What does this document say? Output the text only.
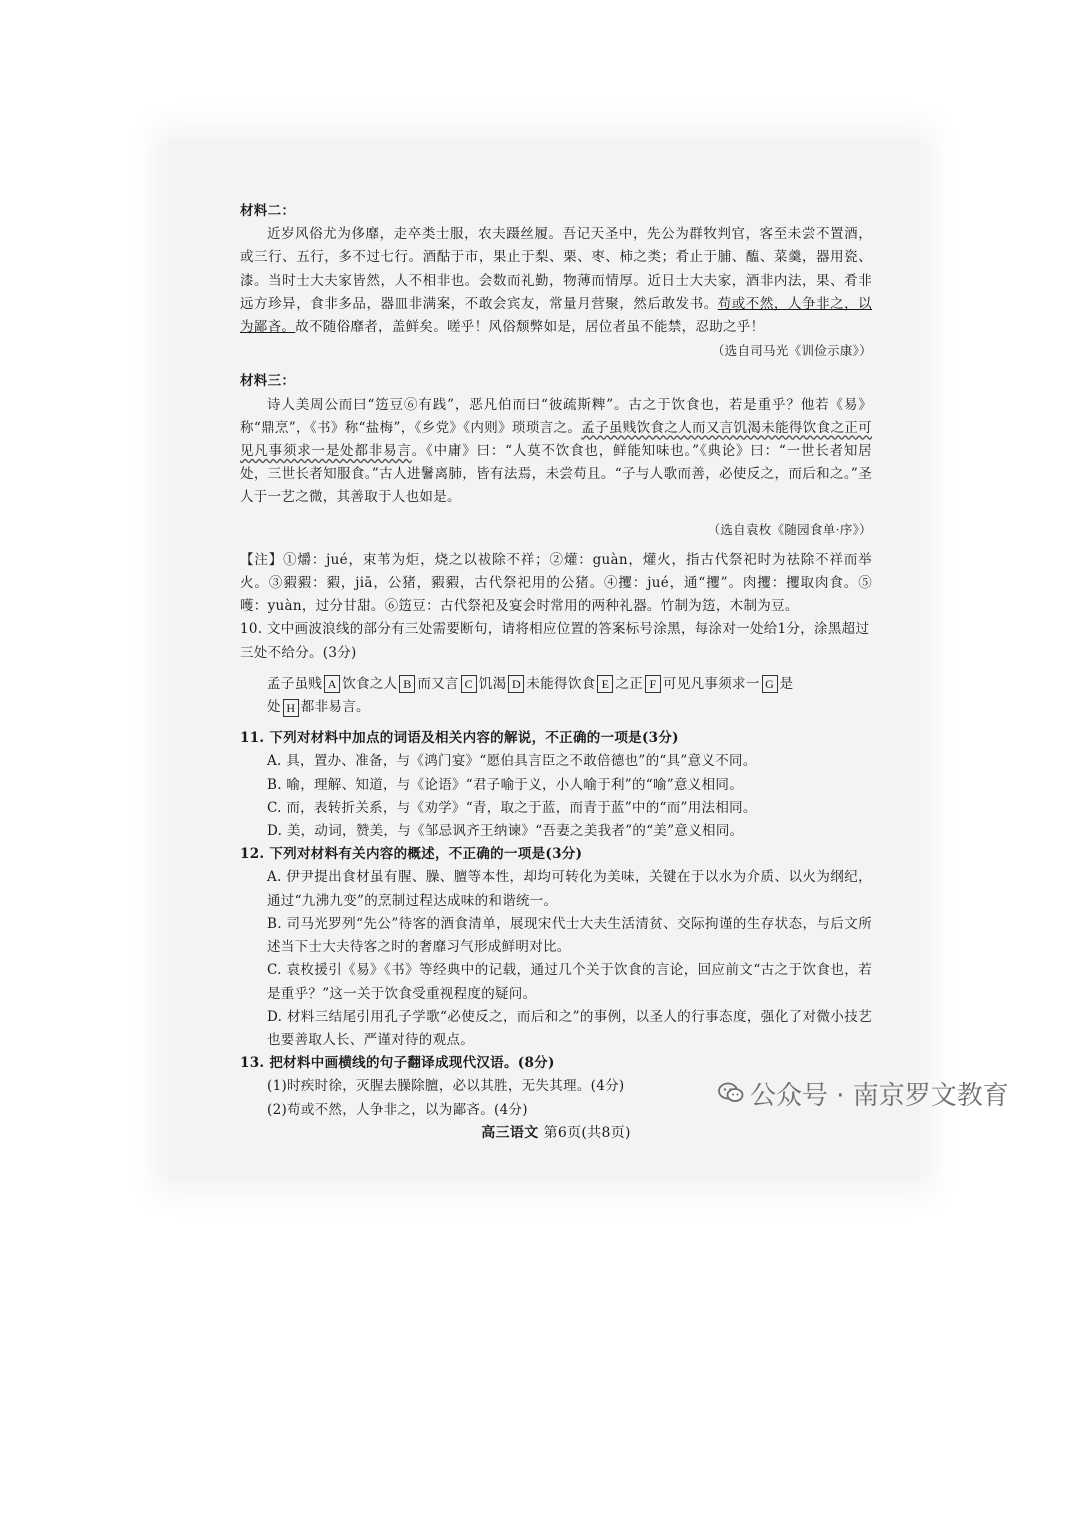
材料二：

近岁风俗尤为侈靡，走卒类士服，农夫蹑丝履。吾记天圣中，先公为群牧判官，客至未尝不置酒，或三行、五行，多不过七行。酒酤于市，果止于梨、栗、枣、柿之类；肴止于脯、醢、菜羹，器用瓷、漆。当时士大夫家皆然，人不相非也。会数而礼勤，物薄而情厚。近日士大夫家，酒非内法，果、肴非远方珍异，食非多品，器皿非满案，不敢会宾友，常量月营聚，然后敢发书。苟或不然，人争非之，以为鄙吝。故不随俗靡者，盖鲜矣。嗟乎！风俗颓弊如是，居位者虽不能禁，忍助之乎！

（选自司马光《训俭示康》）

材料三：

诗人美周公而曰“笾豆⑥有践”，恶凡伯而曰“彼疏斯粺”。古之于饮食也，若是重乎？他若《易》称“鼎烹”，《书》称“盐梅”，《乡党》《内则》琐琐言之。孟子虽贱饮食之人而又言饥渴未能得饮食之正可见凡事须求一是处都非易言。《中庸》曰：“人莫不饮食也，鲜能知味也。”《典论》曰：“一世长者知居处，三世长者知服食。”古人进鬐离肺，皆有法焉，未尝苟且。“子与人歌而善，必使反之，而后和之。”圣人于一艺之微，其善取于人也如是。

（选自袁枚《随园食单·序》）

【注】①爝：jué，束苇为炬，烧之以祓除不祥；②爟：guàn，爟火，指古代祭祀时为祛除不祥而举火。③豭豭：豭，jiā，公猪，豭豭，古代祭祀用的公猪。④攫：jué，通“攫”。肉攫：攫取肉食。⑤嚄：yuàn，过分甘甜。⑥笾豆：古代祭祀及宴会时常用的两种礼器。竹制为笾，木制为豆。

10. 文中画波浪线的部分有三处需要断句，请将相应位置的答案标号涂黑，每涂对一处给1分，涂黑超过三处不给分。(3分)

孟子虽贱 A 饮食之人 B 而又言 C 饥渴 D 未能得饮食 E 之正 F 可见凡事须求一 G 是
处 H 都非易言。

11. 下列对材料中加点的词语及相关内容的解说，不正确的一项是(3分)

A. 具，置办、准备，与《鸿门宴》“愿伯具言臣之不敢倍德也”的“具”意义不同。

B. 喻，理解、知道，与《论语》“君子喻于义，小人喻于利”的“喻”意义相同。

C. 而，表转折关系，与《劝学》“青，取之于蓝，而青于蓝”中的“而”用法相同。

D. 美，动词，赞美，与《邹忌讽齐王纳谏》“吾妻之美我者”的“美”意义相同。

12. 下列对材料有关内容的概述，不正确的一项是(3分)

A. 伊尹提出食材虽有腥、臊、膻等本性，却均可转化为美味，关键在于以水为介质、以火为纲纪，通过“九沸九变”的烹制过程达成味的和谐统一。

B. 司马光罗列“先公”待客的酒食清单，展现宋代士大夫生活清贫、交际拘谨的生存状态，与后文所述当下士大夫待客之时的奢靡习气形成鲜明对比。

C. 袁枚援引《易》《书》等经典中的记载，通过几个关于饮食的言论，回应前文“古之于饮食也，若是重乎？”这一关于饮食受重视程度的疑问。

D. 材料三结尾引用孔子学歌“必使反之，而后和之”的事例，以圣人的行事态度，强化了对微小技艺也要善取人长、严谨对待的观点。

13. 把材料中画横线的句子翻译成现代汉语。(8分)

(1)时疾时徐，灭腥去臊除膻，必以其胜，无失其理。(4分)

(2)苟或不然，人争非之，以为鄙吝。(4分)

高三语文 第6页(共8页)

公众号 · 南京罗文教育
